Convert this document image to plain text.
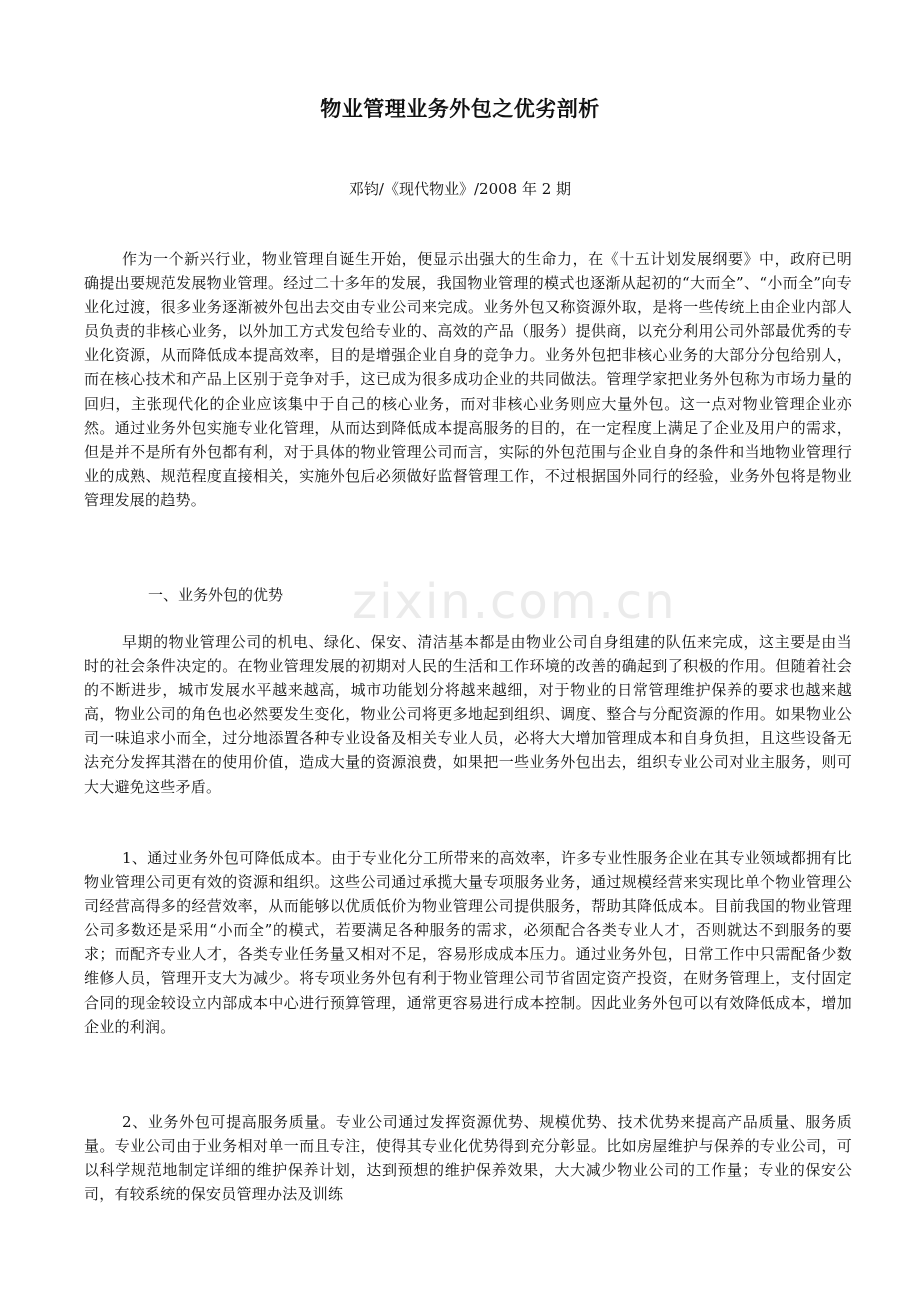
zixin.com.cn
物业管理业务外包之优劣剖析
邓钧/《现代物业》/2008 年 2 期

作为一个新兴行业，物业管理自诞生开始，便显示出强大的生命力，在《十五计划发展纲要》中，政府已明确提出要规范发展物业管理。经过二十多年的发展，我国物业管理的模式也逐渐从起初的“大而全”、“小而全”向专业化过渡，很多业务逐渐被外包出去交由专业公司来完成。业务外包又称资源外取，是将一些传统上由企业内部人员负责的非核心业务，以外加工方式发包给专业的、高效的产品（服务）提供商，以充分利用公司外部最优秀的专业化资源，从而降低成本提高效率，目的是增强企业自身的竞争力。业务外包把非核心业务的大部分分包给别人，而在核心技术和产品上区别于竞争对手，这已成为很多成功企业的共同做法。管理学家把业务外包称为市场力量的回归，主张现代化的企业应该集中于自己的核心业务，而对非核心业务则应大量外包。这一点对物业管理企业亦然。通过业务外包实施专业化管理，从而达到降低成本提高服务的目的，在一定程度上满足了企业及用户的需求，但是并不是所有外包都有利，对于具体的物业管理公司而言，实际的外包范围与企业自身的条件和当地物业管理行业的成熟、规范程度直接相关，实施外包后必须做好监督管理工作，不过根据国外同行的经验，业务外包将是物业管理发展的趋势。

一、业务外包的优势

早期的物业管理公司的机电、绿化、保安、清洁基本都是由物业公司自身组建的队伍来完成，这主要是由当时的社会条件决定的。在物业管理发展的初期对人民的生活和工作环境的改善的确起到了积极的作用。但随着社会的不断进步，城市发展水平越来越高，城市功能划分将越来越细，对于物业的日常管理维护保养的要求也越来越高，物业公司的角色也必然要发生变化，物业公司将更多地起到组织、调度、整合与分配资源的作用。如果物业公司一味追求小而全，过分地添置各种专业设备及相关专业人员，必将大大增加管理成本和自身负担，且这些设备无法充分发挥其潜在的使用价值，造成大量的资源浪费，如果把一些业务外包出去，组织专业公司对业主服务，则可大大避免这些矛盾。

1、通过业务外包可降低成本。由于专业化分工所带来的高效率，许多专业性服务企业在其专业领域都拥有比物业管理公司更有效的资源和组织。这些公司通过承揽大量专项服务业务，通过规模经营来实现比单个物业管理公司经营高得多的经营效率，从而能够以优质低价为物业管理公司提供服务，帮助其降低成本。目前我国的物业管理公司多数还是采用“小而全”的模式，若要满足各种服务的需求，必须配合各类专业人才，否则就达不到服务的要求；而配齐专业人才，各类专业任务量又相对不足，容易形成成本压力。通过业务外包，日常工作中只需配备少数维修人员，管理开支大为减少。将专项业务外包有利于物业管理公司节省固定资产投资，在财务管理上，支付固定合同的现金较设立内部成本中心进行预算管理，通常更容易进行成本控制。因此业务外包可以有效降低成本，增加企业的利润。

2、业务外包可提高服务质量。专业公司通过发挥资源优势、规模优势、技术优势来提高产品质量、服务质量。专业公司由于业务相对单一而且专注，使得其专业化优势得到充分彰显。比如房屋维护与保养的专业公司，可以科学规范地制定详细的维护保养计划，达到预想的维护保养效果，大大减少物业公司的工作量；专业的保安公司，有较系统的保安员管理办法及训练
